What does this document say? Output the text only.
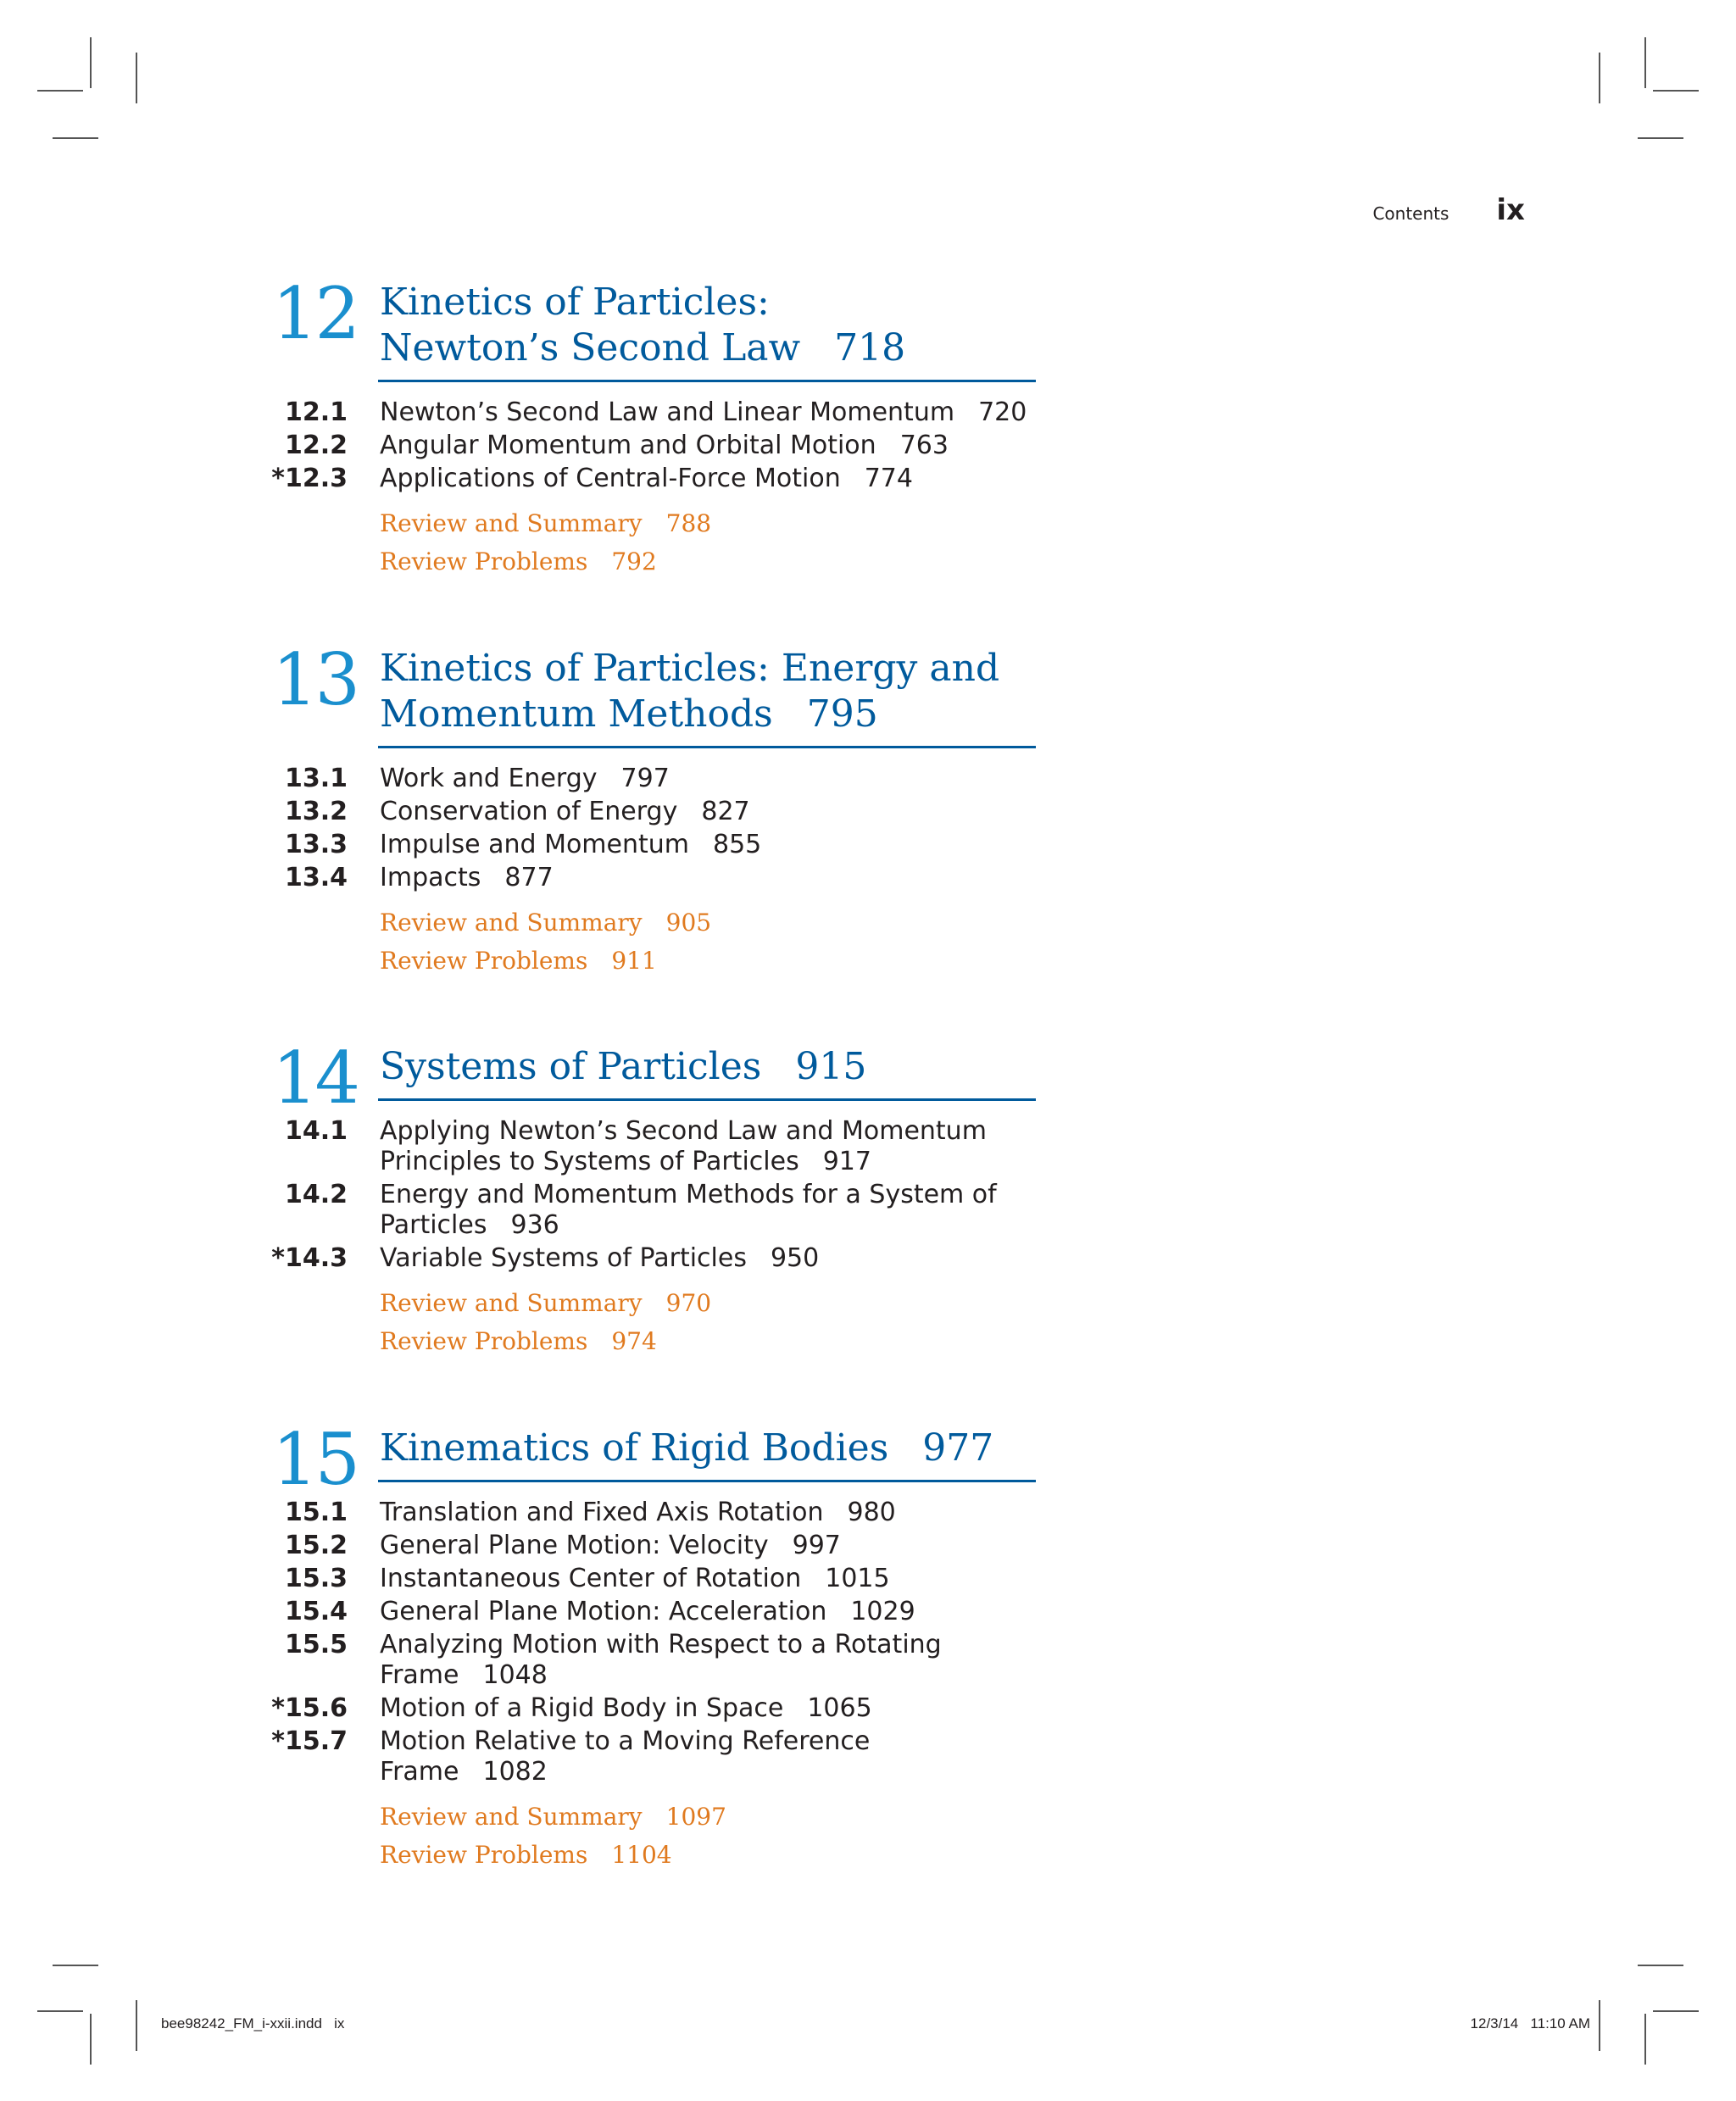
Contents ix
12 Kinetics of Particles:
Newton’s Second Law 718
12.1 Newton’s Second Law and Linear Momentum 720
12.2 Angular Momentum and Orbital Motion 763
*12.3 Applications of Central-Force Motion 774
Review and Summary 788
Review Problems 792
13 Kinetics of Particles: Energy and
Momentum Methods 795
13.1 Work and Energy 797
13.2 Conservation of Energy 827
13.3 Impulse and Momentum 855
13.4 Impacts 877
Review and Summary 905
Review Problems 911
14 Systems of Particles 915
14.1 Applying Newton’s Second Law and Momentum Principles to Systems of Particles 917
14.2 Energy and Momentum Methods for a System of Particles 936
*14.3 Variable Systems of Particles 950
Review and Summary 970
Review Problems 974
15 Kinematics of Rigid Bodies 977
15.1 Translation and Fixed Axis Rotation 980
15.2 General Plane Motion: Velocity 997
15.3 Instantaneous Center of Rotation 1015
15.4 General Plane Motion: Acceleration 1029
15.5 Analyzing Motion with Respect to a Rotating Frame 1048
*15.6 Motion of a Rigid Body in Space 1065
*15.7 Motion Relative to a Moving Reference Frame 1082
Review and Summary 1097
Review Problems 1104
bee98242_FM_i-xxii.indd   ix	12/3/14   11:10 AM
